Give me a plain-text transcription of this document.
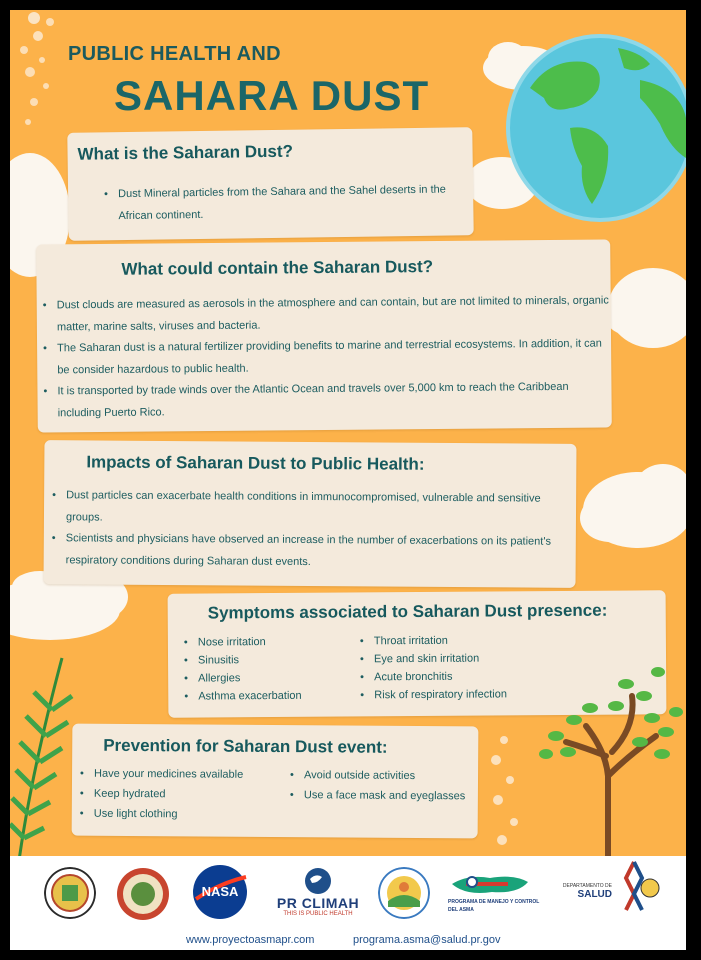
PUBLIC HEALTH AND
SAHARA DUST
What is the Saharan Dust?
• Dust Mineral particles from the Sahara and the Sahel deserts in the African continent.
What could contain the Saharan Dust?
• Dust clouds are measured as aerosols in the atmosphere and can contain, but are not limited to minerals, organic matter, marine salts, viruses and bacteria.
• The Saharan dust is a natural fertilizer providing benefits to marine and terrestrial ecosystems. In addition, it can be consider hazardous to public health.
• It is transported by trade winds over the Atlantic Ocean and travels over 5,000 km to reach the Caribbean including Puerto Rico.
Impacts of Saharan Dust to Public Health:
• Dust particles can exacerbate health conditions in immunocompromised, vulnerable and sensitive groups.
• Scientists and physicians have observed an increase in the number of exacerbations on its patient's respiratory conditions during Saharan dust events.
Symptoms associated to Saharan Dust presence:
• Nose irritation
• Sinusitis
• Allergies
• Asthma exacerbation
• Throat irritation
• Eye and skin irritation
• Acute bronchitis
• Risk of respiratory infection
Prevention for Saharan Dust event:
• Have your medicines available
• Keep hydrated
• Use light clothing
• Avoid outside activities
• Use a face mask and eyeglasses
NASA
PR CLIMAH
THIS IS PUBLIC HEALTH
PROGRAMA DE MANEJO Y CONTROL DEL ASMA
DEPARTAMENTO DE
SALUD
www.proyectoasmapr.com	programa.asma@salud.pr.gov
